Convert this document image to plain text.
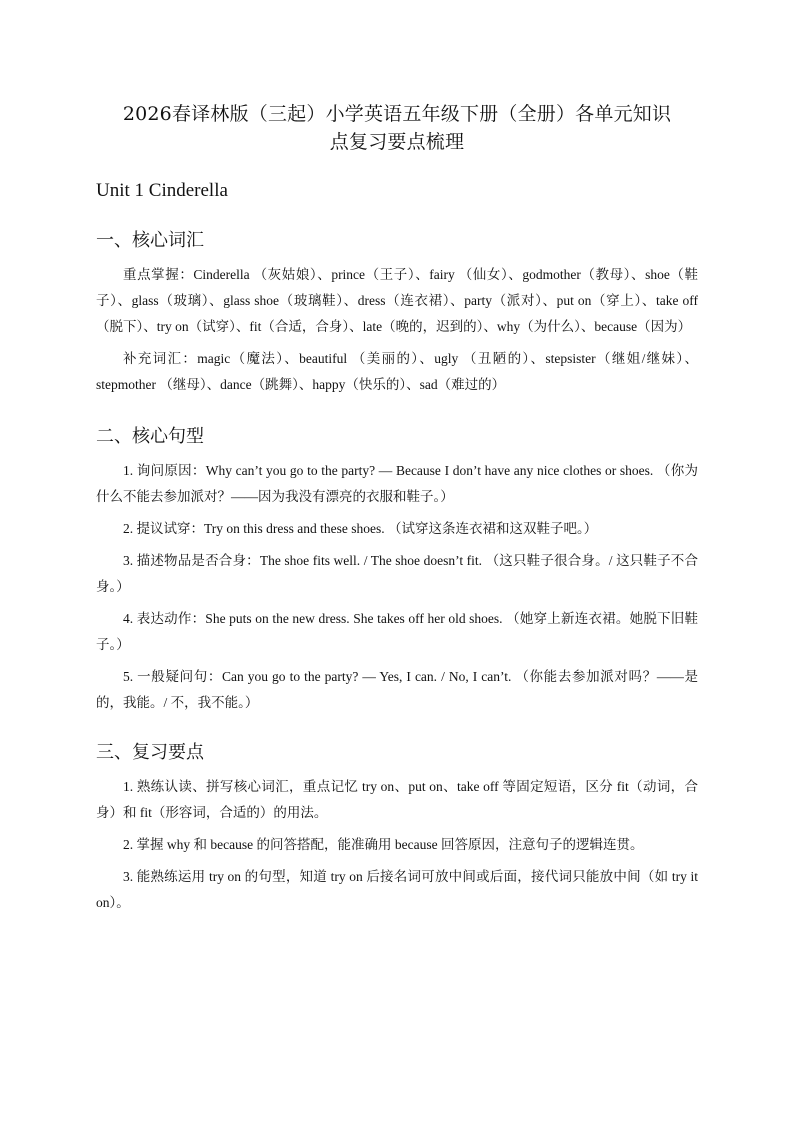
2026春译林版（三起）小学英语五年级下册（全册）各单元知识
点复习要点梳理
Unit 1 Cinderella
一、核心词汇

重点掌握：Cinderella （灰姑娘）、prince（王子）、fairy （仙女）、godmother（教母）、shoe（鞋子）、glass（玻璃）、glass shoe（玻璃鞋）、dress（连衣裙）、party（派对）、put on（穿上）、take off（脱下）、try on（试穿）、fit（合适，合身）、late（晚的，迟到的）、why（为什么）、because（因为）

补充词汇：magic（魔法）、beautiful （美丽的）、ugly （丑陋的）、stepsister（继姐/继妹）、stepmother （继母）、dance（跳舞）、happy（快乐的）、sad（难过的）

二、核心句型

1. 询问原因：Why can’t you go to the party? — Because I don’t have any nice clothes or shoes. （你为什么不能去参加派对？——因为我没有漂亮的衣服和鞋子。）

2. 提议试穿：Try on this dress and these shoes. （试穿这条连衣裙和这双鞋子吧。）

3. 描述物品是否合身：The shoe fits well. / The shoe doesn’t fit. （这只鞋子很合身。/ 这只鞋子不合身。）

4. 表达动作：She puts on the new dress. She takes off her old shoes. （她穿上新连衣裙。她脱下旧鞋子。）

5. 一般疑问句：Can you go to the party? — Yes, I can. / No, I can’t. （你能去参加派对吗？——是的，我能。/ 不，我不能。）

三、复习要点

1. 熟练认读、拼写核心词汇，重点记忆 try on、put on、take off 等固定短语，区分 fit（动词，合身）和 fit（形容词，合适的）的用法。

2. 掌握 why 和 because 的问答搭配，能准确用 because 回答原因，注意句子的逻辑连贯。

3. 能熟练运用 try on 的句型，知道 try on 后接名词可放中间或后面，接代词只能放中间（如 try it on）。
